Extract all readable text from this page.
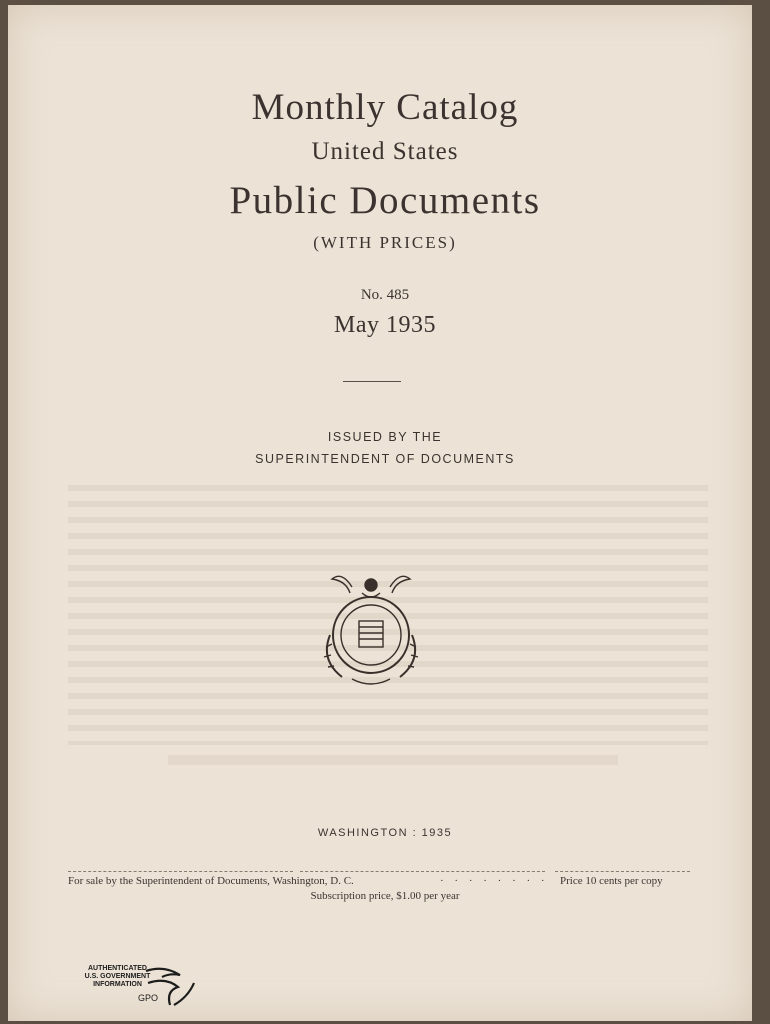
Monthly Catalog
United States
Public Documents
(WITH PRICES)
No. 485
May 1935
ISSUED BY THE
SUPERINTENDENT OF DOCUMENTS
WASHINGTON : 1935
For sale by the Superintendent of Documents, Washington, D. C.	· · · · · · · · Price 10 cents per copy
Subscription price, $1.00 per year
AUTHENTICATED
U.S. GOVERNMENT
INFORMATION
GPO
